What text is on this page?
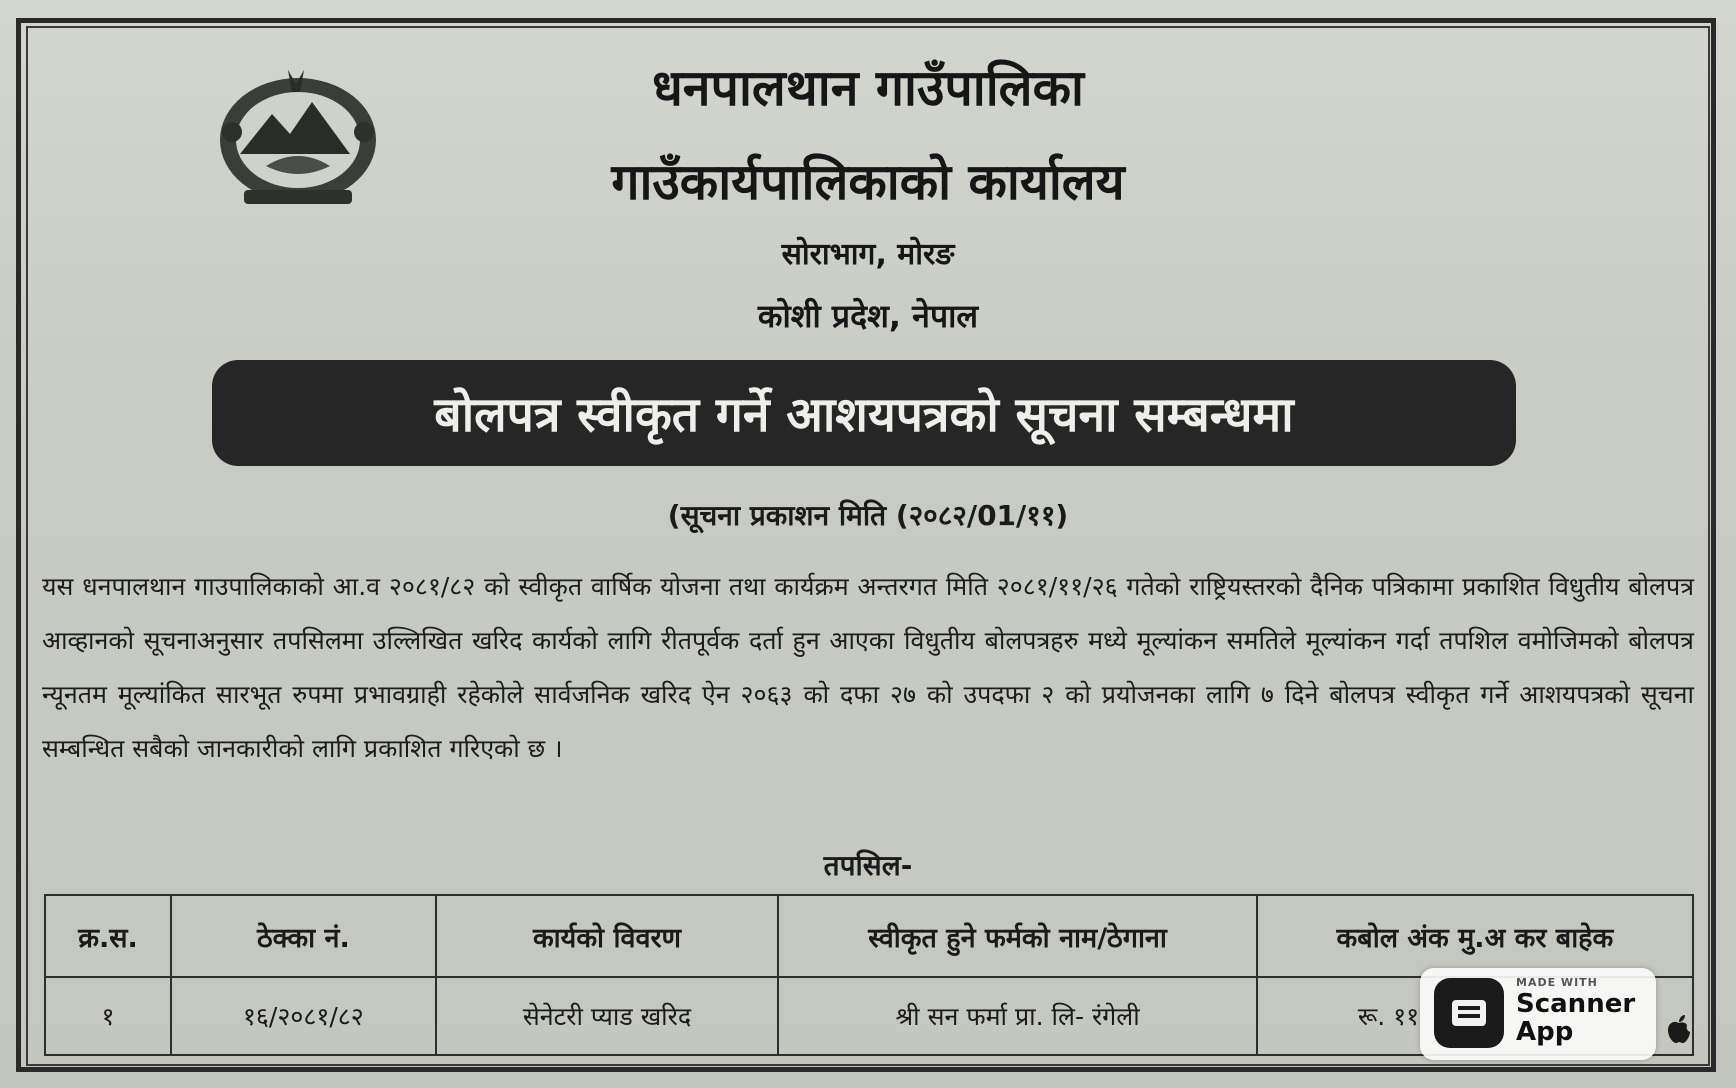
धनपालथान गाउँपालिका
गाउँकार्यपालिकाको कार्यालय
सोराभाग, मोरङ
कोशी प्रदेश, नेपाल
बोलपत्र स्वीकृत गर्ने आशयपत्रको सूचना सम्बन्धमा
(सूचना प्रकाशन मिति (२०८२/01/११)
यस धनपालथान गाउपालिकाको आ.व २०८१/८२ को स्वीकृत वार्षिक योजना तथा कार्यक्रम अन्तरगत मिति २०८१/११/२६ गतेको राष्ट्रियस्तरको दैनिक पत्रिकामा प्रकाशित विधुतीय बोलपत्र आव्हानको सूचनाअनुसार तपसिलमा उल्लिखित खरिद कार्यको लागि रीतपूर्वक दर्ता हुन आएका विधुतीय बोलपत्रहरु मध्ये मूल्यांकन समतिले मूल्यांकन गर्दा तपशिल वमोजिमको बोलपत्र न्यूनतम मूल्यांकित सारभूत रुपमा प्रभावग्राही रहेकोले सार्वजनिक खरिद ऐन २०६३ को दफा २७ को उपदफा २ को प्रयोजनका लागि ७ दिने बोलपत्र स्वीकृत गर्ने आशयपत्रको सूचना सम्बन्धित सबैको जानकारीको लागि प्रकाशित गरिएको छ ।
तपसिल-
क्र.स.	ठेक्का नं.	कार्यको विवरण	स्वीकृत हुने फर्मको नाम/ठेगाना	कबोल अंक मु.अ कर बाहेक
१	१६/२०८१/८२	सेनेटरी प्याड खरिद	श्री सन फर्मा प्रा. लि- रंगेली	रू. ११
MADE WITH
Scanner App
